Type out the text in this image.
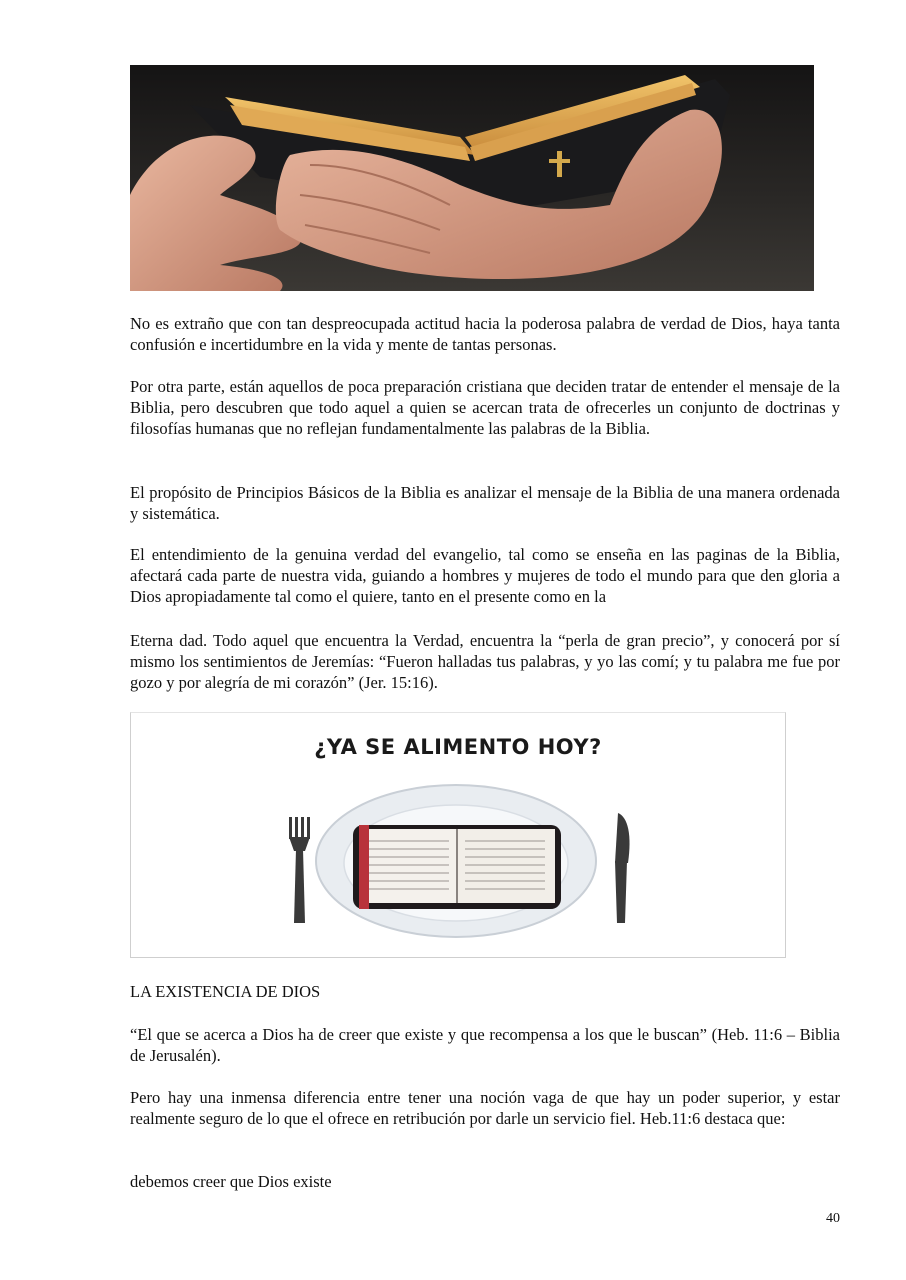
No es extraño que con tan despreocupada actitud hacia la poderosa palabra de verdad de Dios, haya tanta confusión e incertidumbre en la vida y mente de tantas personas.

Por otra parte, están aquellos de poca preparación cristiana que deciden tratar de entender el mensaje de la Biblia, pero descubren que todo aquel a quien se acercan trata de ofrecerles un conjunto de doctrinas y filosofías humanas que no reflejan fundamentalmente las palabras de la Biblia.

El propósito de Principios Básicos de la Biblia es analizar el mensaje de la Biblia de una manera ordenada y sistemática.

El entendimiento de la genuina verdad del evangelio, tal como se enseña en las paginas de la Biblia, afectará cada parte de nuestra vida, guiando a hombres y mujeres de todo el mundo para que den gloria a Dios apropiadamente tal como el quiere, tanto en el presente como en la

Eterna dad. Todo aquel que encuentra la Verdad, encuentra la “perla de gran precio”, y conocerá por sí mismo los sentimientos de Jeremías: “Fueron halladas tus palabras, y yo las comí; y tu palabra me fue por gozo y por alegría de mi corazón” (Jer. 15:16).

¿YA SE ALIMENTO HOY?

LA EXISTENCIA DE DIOS

“El que se acerca a Dios ha de creer que existe y que recompensa a los que le buscan” (Heb. 11:6 – Biblia de Jerusalén).

Pero hay una inmensa diferencia entre tener una noción vaga de que hay un poder superior, y estar realmente seguro de lo que el ofrece en retribución por darle un servicio fiel. Heb.11:6 destaca que:

debemos creer que Dios existe

40
